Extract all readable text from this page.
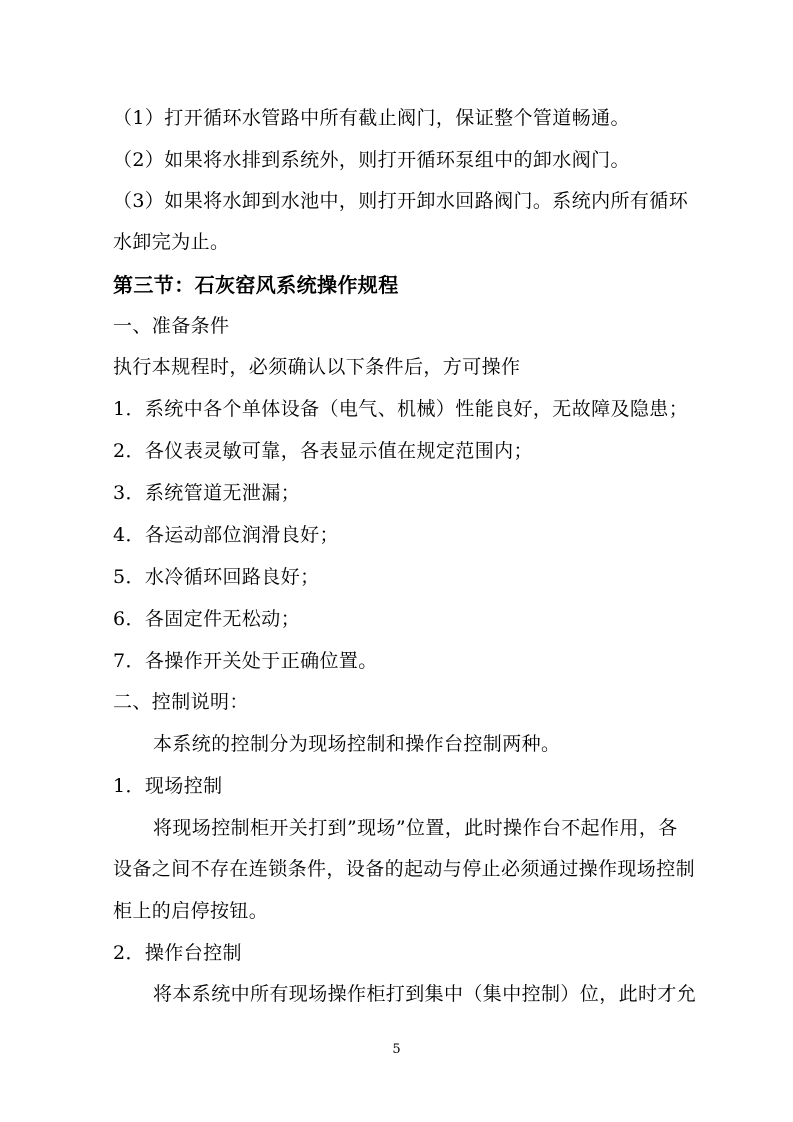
（1）打开循环水管路中所有截止阀门，保证整个管道畅通。
（2）如果将水排到系统外，则打开循环泵组中的卸水阀门。
（3）如果将水卸到水池中，则打开卸水回路阀门。系统内所有循环
水卸完为止。
第三节：石灰窑风系统操作规程
一、准备条件
执行本规程时，必须确认以下条件后，方可操作
1．系统中各个单体设备（电气、机械）性能良好，无故障及隐患；
2．各仪表灵敏可靠，各表显示值在规定范围内；
3．系统管道无泄漏；
4．各运动部位润滑良好；
5．水冷循环回路良好；
6．各固定件无松动；
7．各操作开关处于正确位置。
二、控制说明：
本系统的控制分为现场控制和操作台控制两种。
1．现场控制
将现场控制柜开关打到”现场”位置，此时操作台不起作用，各
设备之间不存在连锁条件，设备的起动与停止必须通过操作现场控制
柜上的启停按钮。
2．操作台控制
将本系统中所有现场操作柜打到集中（集中控制）位，此时才允
5
